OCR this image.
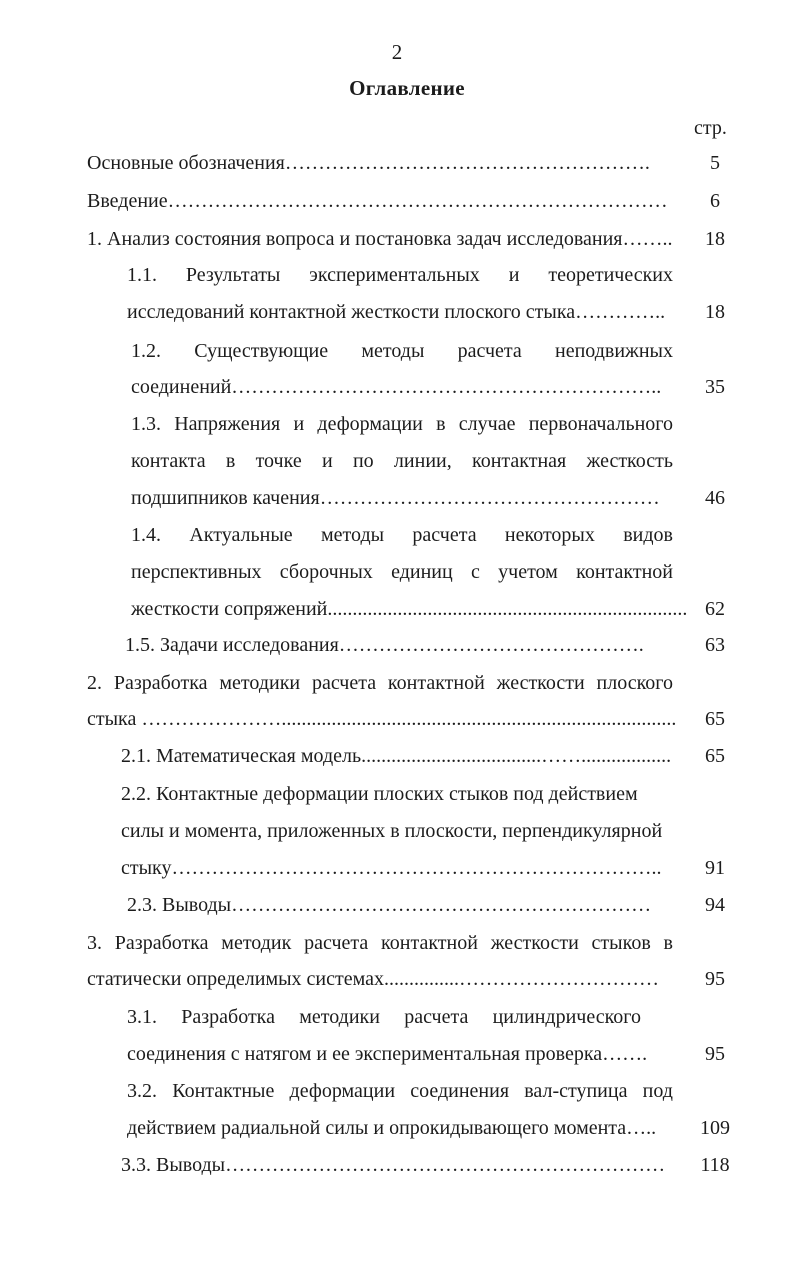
2
Оглавление
стр.
Основные обозначения……………………………………………….	5
Введение…………………………………………………………………	6
1. Анализ состояния вопроса и постановка задач исследования……..	18
1.1. Результаты экспериментальных и теоретических
исследований контактной жесткости плоского стыка…………..	18
1.2. Существующие методы расчета неподвижных
соединений………………………………………………………..	35
1.3. Напряжения и деформации в случае первоначального
контакта в точке и по линии, контактная жесткость
подшипников качения……………………………………………	46
1.4. Актуальные методы расчета некоторых видов
перспективных сборочных единиц с учетом контактной
жесткости сопряжений........................................................................ 62
1.5. Задачи исследования……………………………………….	63
2. Разработка методики расчета контактной жесткости плоского
стыка …………………...............................................................................	65
2.1. Математическая модель....................................……..................	65
2.2. Контактные деформации плоских стыков под действием
силы и момента, приложенных в плоскости, перпендикулярной
стыку………………………………………………………………..	91
2.3. Выводы………………………………………………………	94
3. Разработка методик расчета контактной жесткости стыков в
статически определимых системах...............…………………………	95
3.1. Разработка методики расчета цилиндрического
соединения с натягом и ее экспериментальная проверка…….	95
3.2. Контактные деформации соединения вал-ступица под
действием радиальной силы и опрокидывающего момента…..	109
3.3. Выводы…………………………………………………………	118
